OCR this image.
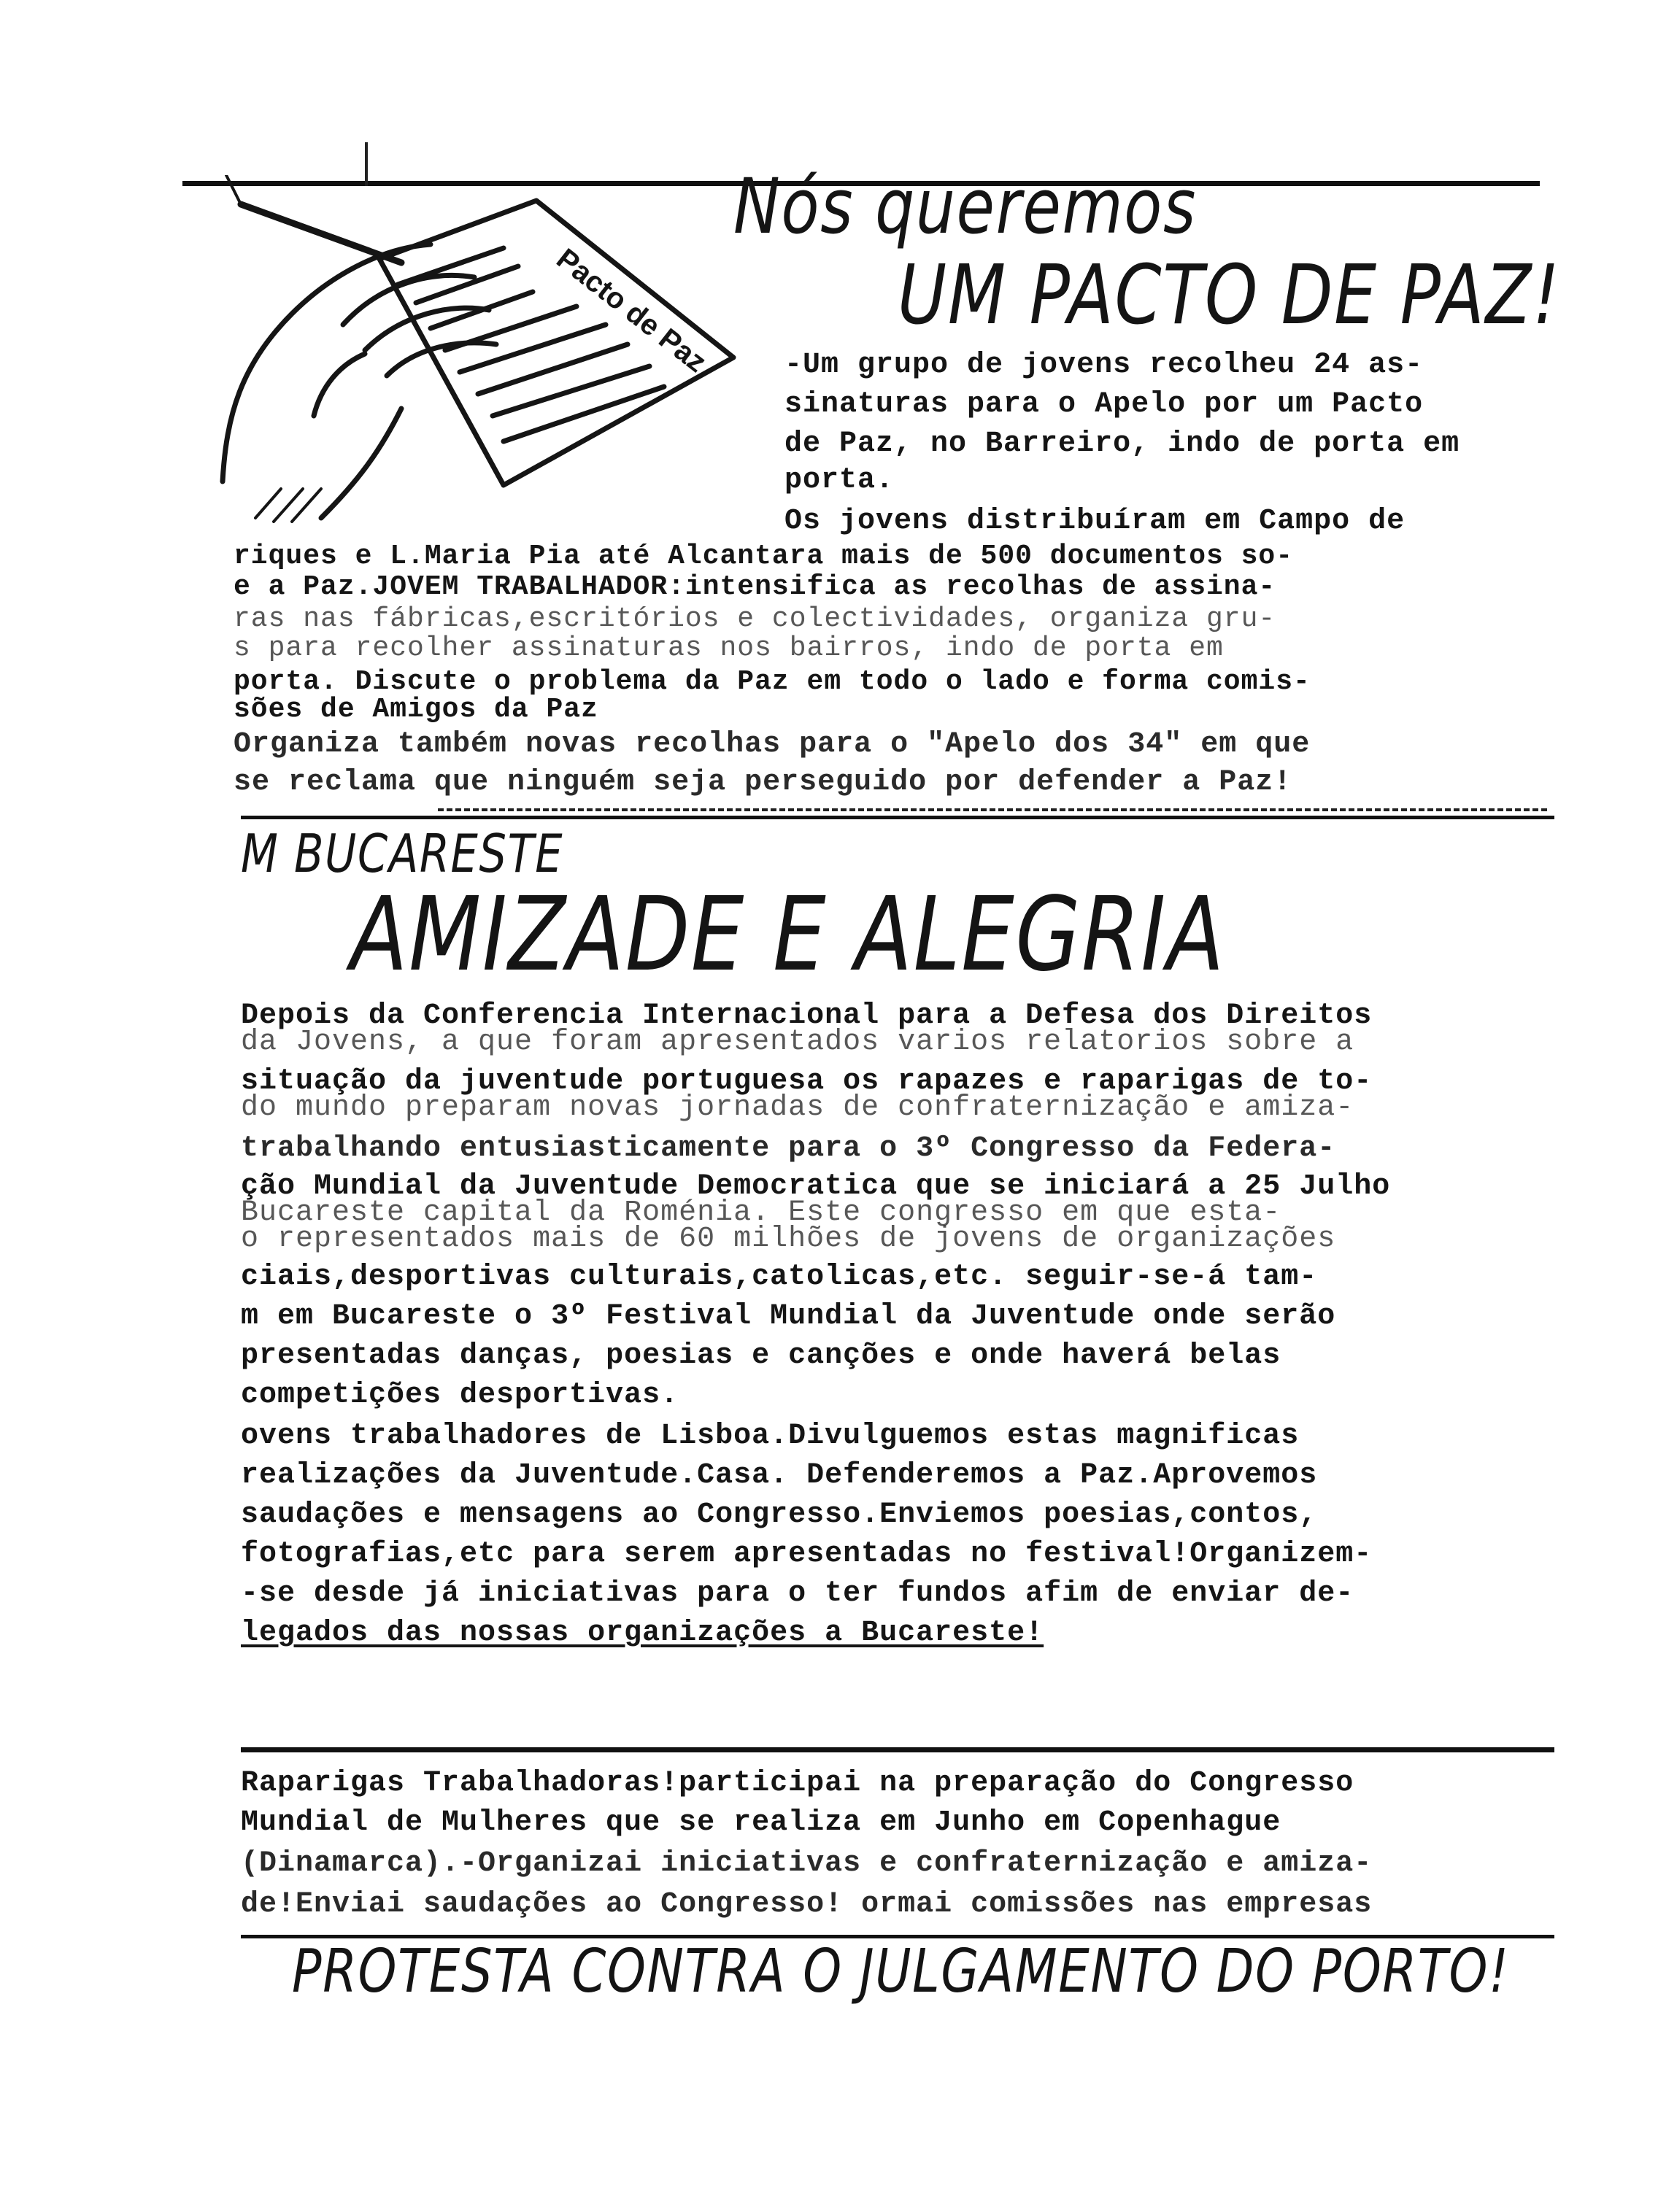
Nós queremos
UM PACTO DE PAZ!
Pacto de Paz -Um grupo de jovens recolheu 24 as-
sinaturas para o Apelo por um Pacto
de Paz, no Barreiro, indo de porta em
porta.
Os jovens distribuíram em Campo de
riques e L.Maria Pia até Alcantara mais de 500 documentos so-
e a Paz.JOVEM TRABALHADOR:intensifica as recolhas de assina-
ras nas fábricas,escritórios e colectividades, organiza gru-
s para recolher assinaturas nos bairros, indo de porta em
porta. Discute o problema da Paz em todo o lado e forma comis-
sões de Amigos da Paz
Organiza também novas recolhas para o "Apelo dos 34" em que
se reclama que ninguém seja perseguido por defender a Paz!
M BUCARESTE
AMIZADE E ALEGRIA
Depois da Conferencia Internacional para a Defesa dos Direitos
da Jovens, a que foram apresentados varios relatorios sobre a
situação da juventude portuguesa os rapazes e raparigas de to-
do mundo preparam novas jornadas de confraternização e amiza-
trabalhando entusiasticamente para o 3º Congresso da Federa-
ção Mundial da Juventude Democratica que se iniciará a 25 Julho
Bucareste capital da Roménia. Este congresso em que esta-
o representados mais de 60 milhões de jovens de organizações
ciais,desportivas culturais,catolicas,etc. seguir-se-á tam-
m em Bucareste o 3º Festival Mundial da Juventude onde serão
presentadas danças, poesias e canções e onde haverá belas
competições desportivas.
ovens trabalhadores de Lisboa.Divulguemos estas magnificas
realizações da Juventude.Casa. Defenderemos a Paz.Aprovemos
saudações e mensagens ao Congresso.Enviemos poesias,contos,
fotografias,etc para serem apresentadas no festival!Organizem-
-se desde já iniciativas para o ter fundos afim de enviar de-
legados das nossas organizações a Bucareste!
Raparigas Trabalhadoras!participai na preparação do Congresso
Mundial de Mulheres que se realiza em Junho em Copenhague
(Dinamarca).-Organizai iniciativas e confraternização e amiza-
de!Enviai saudações ao Congresso! ormai comissões nas empresas
PROTESTA CONTRA O JULGAMENTO DO PORTO!
